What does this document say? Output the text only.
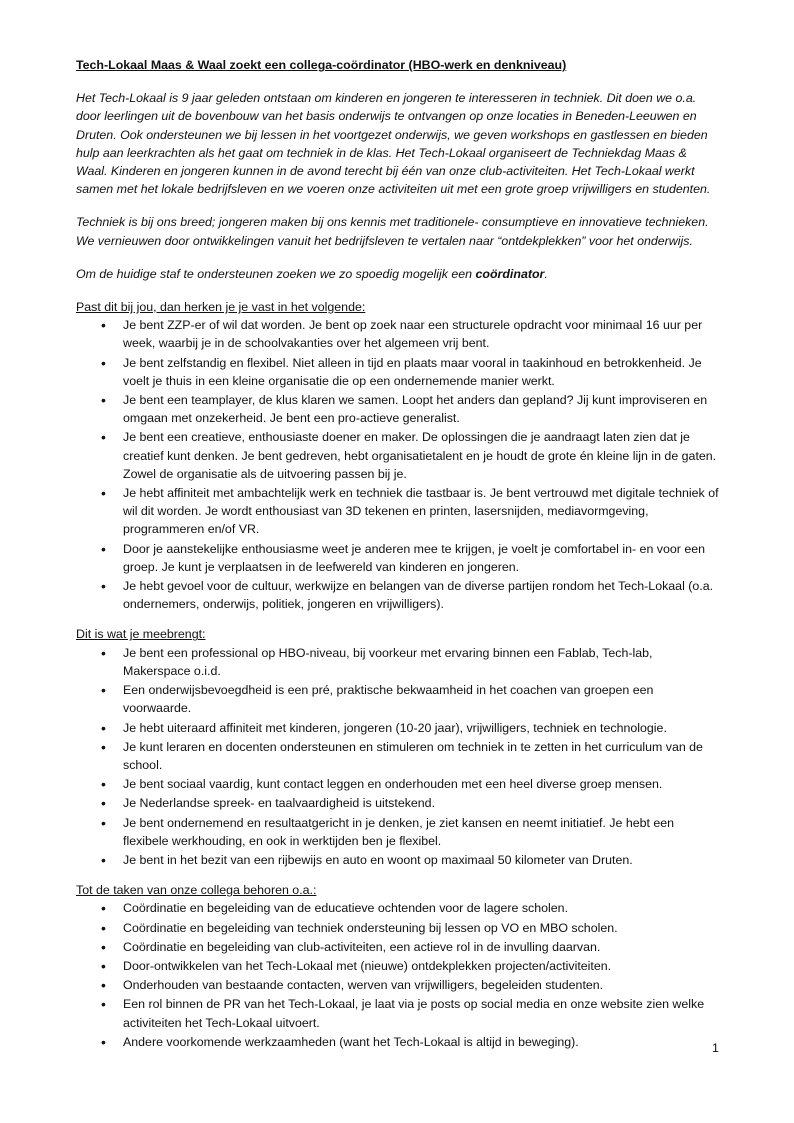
Tech-Lokaal Maas & Waal zoekt een collega-coördinator (HBO-werk en denkniveau)

Het Tech-Lokaal is 9 jaar geleden ontstaan om kinderen en jongeren te interesseren in techniek. Dit doen we o.a. door leerlingen uit de bovenbouw van het basis onderwijs te ontvangen op onze locaties in Beneden-Leeuwen en Druten. Ook ondersteunen we bij lessen in het voortgezet onderwijs, we geven workshops en gastlessen en bieden hulp aan leerkrachten als het gaat om techniek in de klas. Het Tech-Lokaal organiseert de Techniekdag Maas & Waal. Kinderen en jongeren kunnen in de avond terecht bij één van onze club-activiteiten. Het Tech-Lokaal werkt samen met het lokale bedrijfsleven en we voeren onze activiteiten uit met een grote groep vrijwilligers en studenten.

Techniek is bij ons breed; jongeren maken bij ons kennis met traditionele- consumptieve en innovatieve technieken. We vernieuwen door ontwikkelingen vanuit het bedrijfsleven te vertalen naar “ontdekplekken” voor het onderwijs.

Om de huidige staf te ondersteunen zoeken we zo spoedig mogelijk een coördinator.

Past dit bij jou, dan herken je je vast in het volgende:

• Je bent ZZP-er of wil dat worden. Je bent op zoek naar een structurele opdracht voor minimaal 16 uur per week, waarbij je in de schoolvakanties over het algemeen vrij bent.
• Je bent zelfstandig en flexibel. Niet alleen in tijd en plaats maar vooral in taakinhoud en betrokkenheid. Je voelt je thuis in een kleine organisatie die op een ondernemende manier werkt.
• Je bent een teamplayer, de klus klaren we samen. Loopt het anders dan gepland? Jij kunt improviseren en omgaan met onzekerheid. Je bent een pro-actieve generalist.
• Je bent een creatieve, enthousiaste doener en maker. De oplossingen die je aandraagt laten zien dat je creatief kunt denken. Je bent gedreven, hebt organisatietalent en je houdt de grote én kleine lijn in de gaten. Zowel de organisatie als de uitvoering passen bij je.
• Je hebt affiniteit met ambachtelijk werk en techniek die tastbaar is. Je bent vertrouwd met digitale techniek of wil dit worden. Je wordt enthousiast van 3D tekenen en printen, lasersnijden, mediavormgeving, programmeren en/of VR.
• Door je aanstekelijke enthousiasme weet je anderen mee te krijgen, je voelt je comfortabel in- en voor een groep. Je kunt je verplaatsen in de leefwereld van kinderen en jongeren.
• Je hebt gevoel voor de cultuur, werkwijze en belangen van de diverse partijen rondom het Tech-Lokaal (o.a. ondernemers, onderwijs, politiek, jongeren en vrijwilligers).

Dit is wat je meebrengt:

• Je bent een professional op HBO-niveau, bij voorkeur met ervaring binnen een Fablab, Tech-lab, Makerspace o.i.d.
• Een onderwijsbevoegdheid is een pré, praktische bekwaamheid in het coachen van groepen een voorwaarde.
• Je hebt uiteraard affiniteit met kinderen, jongeren (10-20 jaar), vrijwilligers, techniek en technologie.
• Je kunt leraren en docenten ondersteunen en stimuleren om techniek in te zetten in het curriculum van de school.
• Je bent sociaal vaardig, kunt contact leggen en onderhouden met een heel diverse groep mensen.
• Je Nederlandse spreek- en taalvaardigheid is uitstekend.
• Je bent ondernemend en resultaatgericht in je denken, je ziet kansen en neemt initiatief. Je hebt een flexibele werkhouding, en ook in werktijden ben je flexibel.
• Je bent in het bezit van een rijbewijs en auto en woont op maximaal 50 kilometer van Druten.

Tot de taken van onze collega behoren o.a.:

• Coördinatie en begeleiding van de educatieve ochtenden voor de lagere scholen.
• Coördinatie en begeleiding van techniek ondersteuning bij lessen op VO en MBO scholen.
• Coördinatie en begeleiding van club-activiteiten, een actieve rol in de invulling daarvan.
• Door-ontwikkelen van het Tech-Lokaal met (nieuwe) ontdekplekken projecten/activiteiten.
• Onderhouden van bestaande contacten, werven van vrijwilligers, begeleiden studenten.
• Een rol binnen de PR van het Tech-Lokaal, je laat via je posts op social media en onze website zien welke activiteiten het Tech-Lokaal uitvoert.
• Andere voorkomende werkzaamheden (want het Tech-Lokaal is altijd in beweging).	1
